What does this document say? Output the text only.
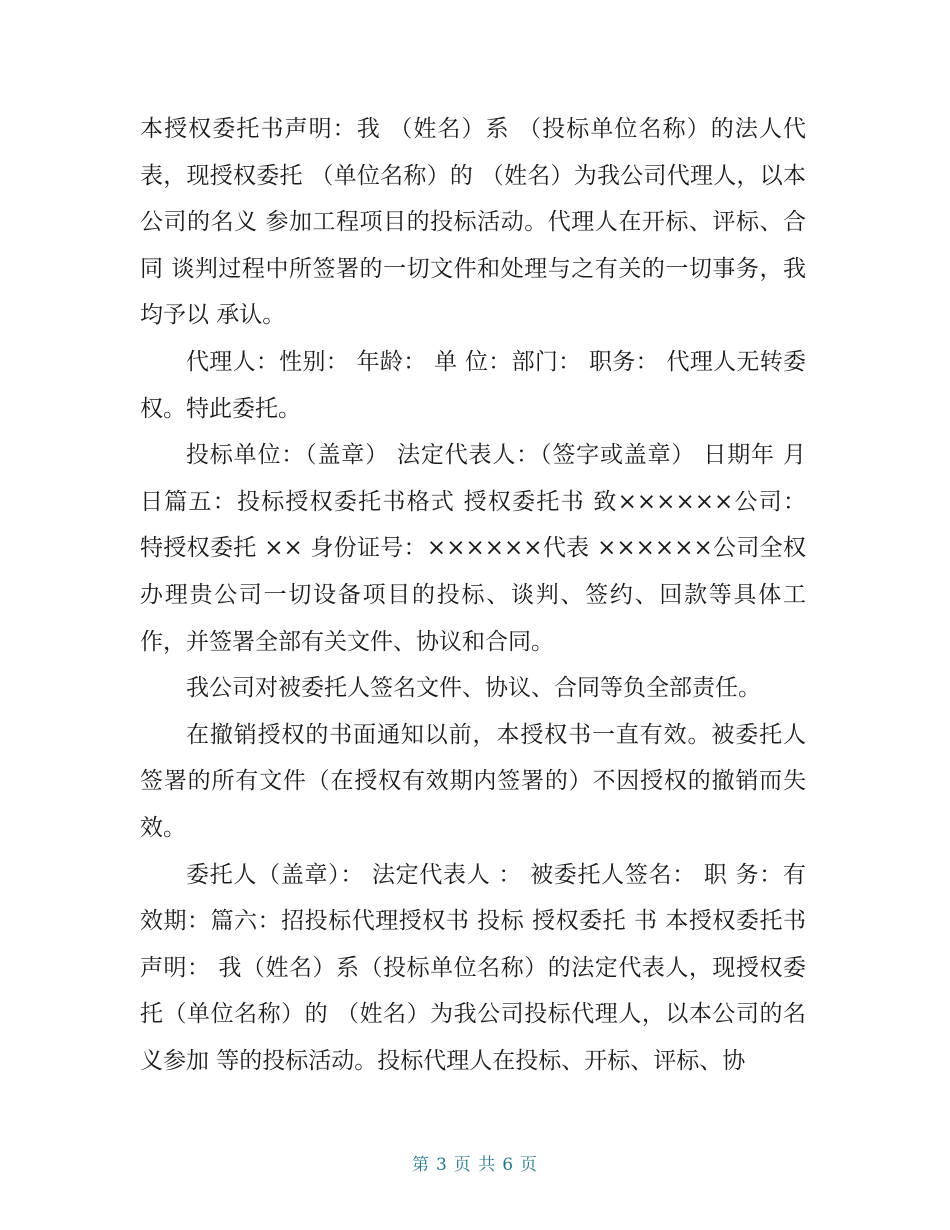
本授权委托书声明：我 （姓名）系 （投标单位名称）的法人代表，现授权委托 （单位名称）的 （姓名）为我公司代理人，以本公司的名义 参加工程项目的投标活动。代理人在开标、评标、合同 谈判过程中所签署的一切文件和处理与之有关的一切事务，我均予以 承认。

代理人：性别： 年龄： 单 位：部门： 职务： 代理人无转委权。特此委托。

投标单位：（盖章） 法定代表人：（签字或盖章） 日期年 月 日篇五：投标授权委托书格式 授权委托书 致××××××公司： 特授权委托 ×× 身份证号：××××××代表 ××××××公司全权办理贵公司一切设备项目的投标、谈判、签约、回款等具体工作，并签署全部有关文件、协议和合同。

我公司对被委托人签名文件、协议、合同等负全部责任。

在撤销授权的书面通知以前，本授权书一直有效。被委托人签署的所有文件（在授权有效期内签署的）不因授权的撤销而失效。

委托人（盖章）： 法定代表人 ： 被委托人签名： 职 务：有效期：篇六：招投标代理授权书 投标 授权委托 书 本授权委托书声明： 我（姓名）系（投标单位名称）的法定代表人，现授权委托（单位名称）的 （姓名）为我公司投标代理人，以本公司的名义参加 等的投标活动。投标代理人在投标、开标、评标、协

第 3 页 共 6 页
